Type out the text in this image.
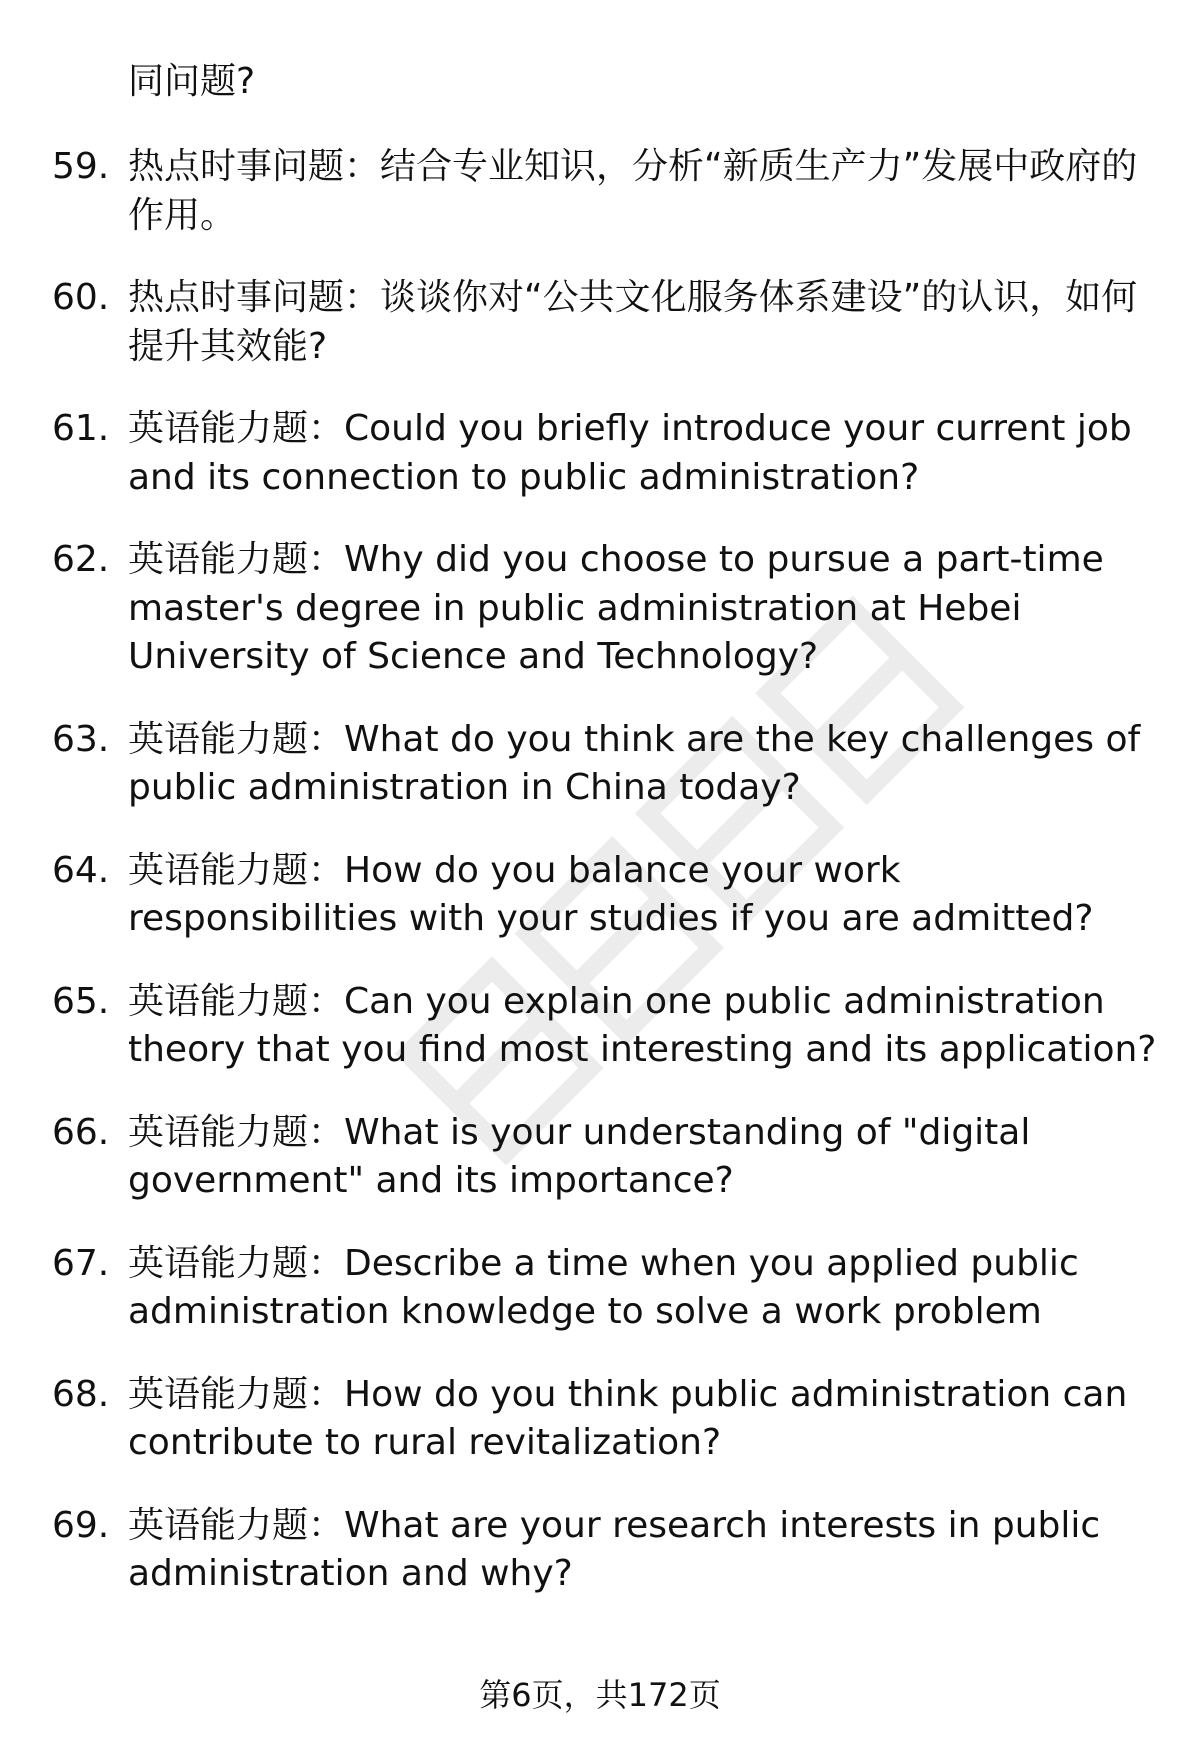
同问题?

59. 热点时事问题：结合专业知识，分析“新质生产力”发展中政府的作用。
60. 热点时事问题：谈谈你对“公共文化服务体系建设”的认识，如何提升其效能?
61. 英语能力题：Could you briefly introduce your current job and its connection to public administration?
62. 英语能力题：Why did you choose to pursue a part-time master's degree in public administration at Hebei University of Science and Technology?
63. 英语能力题：What do you think are the key challenges of public administration in China today?
64. 英语能力题：How do you balance your work responsibilities with your studies if you are admitted?
65. 英语能力题：Can you explain one public administration theory that you find most interesting and its application?
66. 英语能力题：What is your understanding of "digital government" and its importance?
67. 英语能力题：Describe a time when you applied public administration knowledge to solve a work problem
68. 英语能力题：How do you think public administration can contribute to rural revitalization?
69. 英语能力题：What are your research interests in public administration and why?
第6页，共172页
